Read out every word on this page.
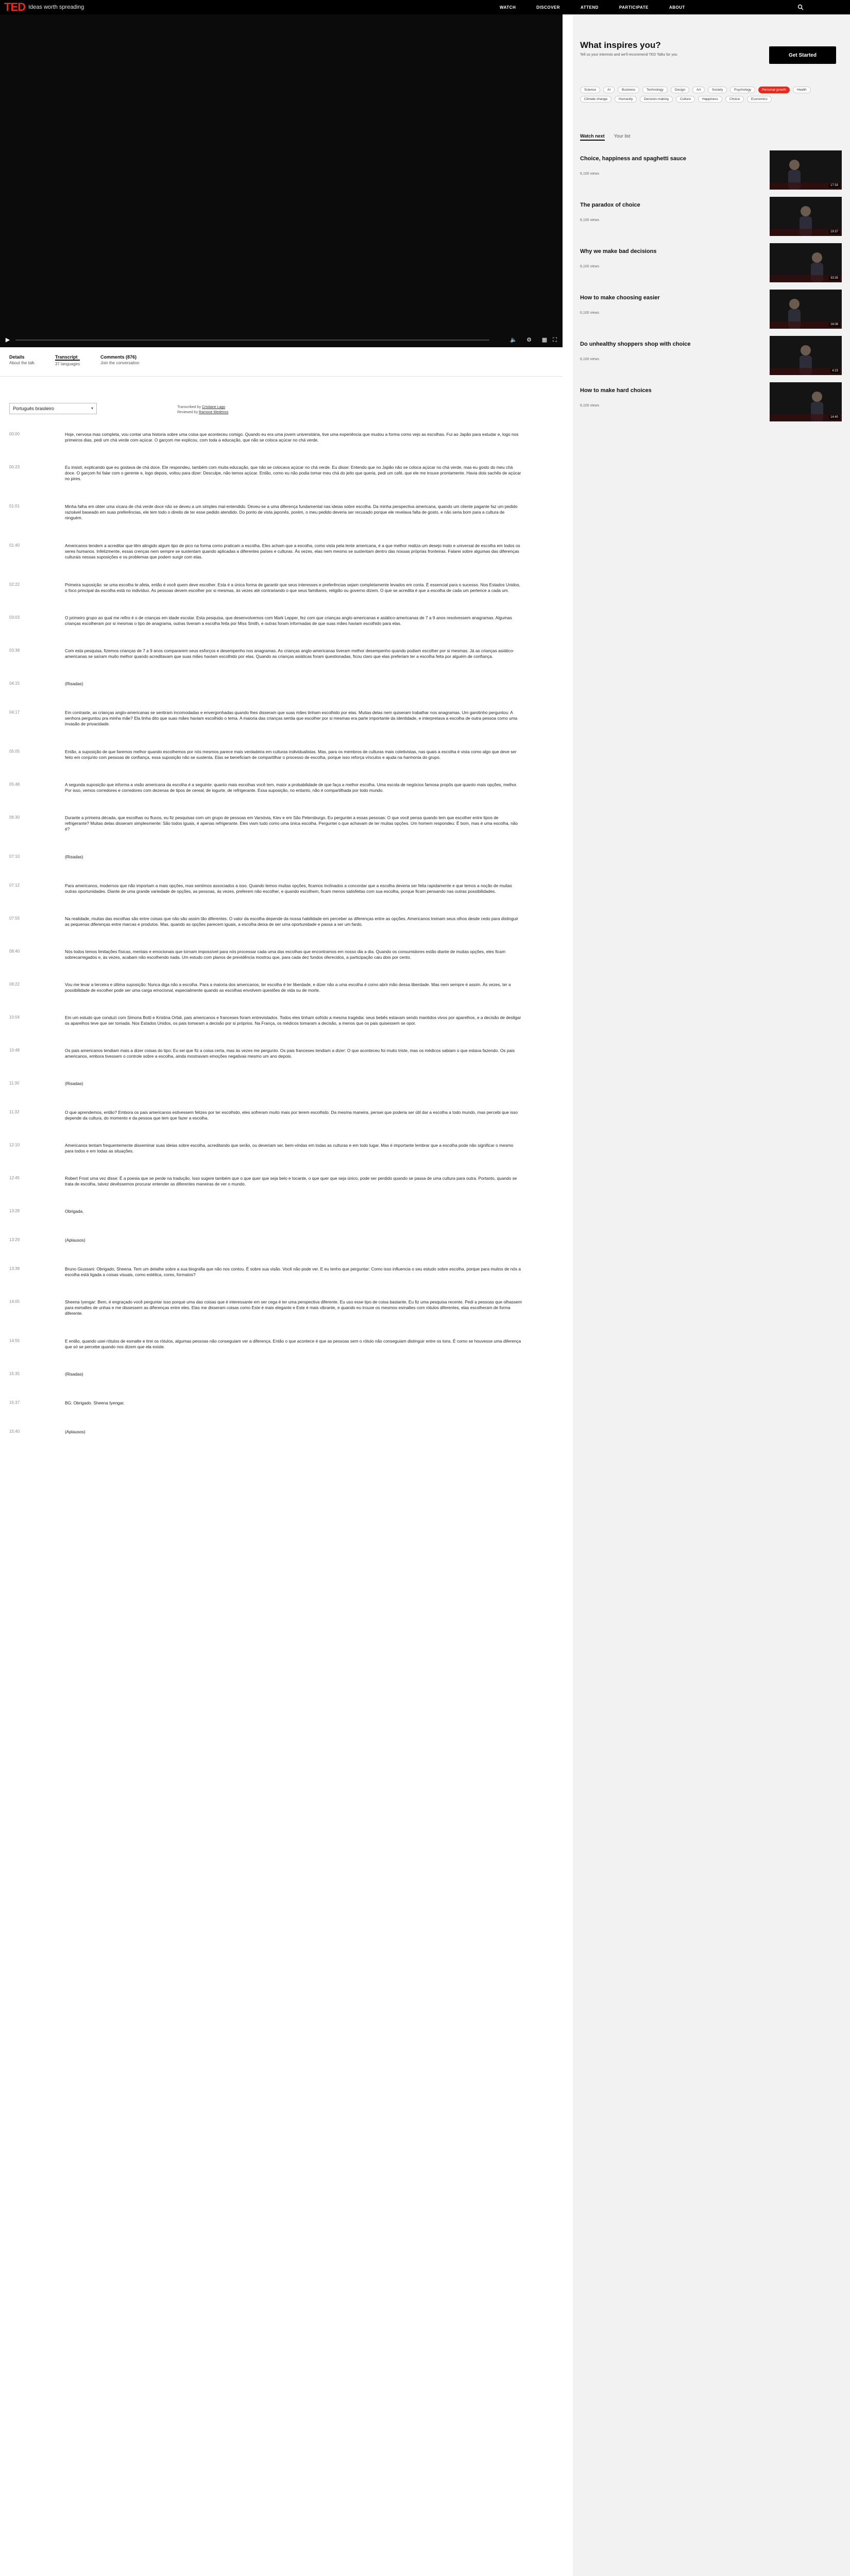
TED Ideas worth spreading	WATCH	DISCOVER	ATTEND	PARTICIPATE	ABOUT
▶	🔈 ⚙ ▦ ⛶
What inspires you?
Tell us your interests and we'll recommend TED Talks for you	Get Started
Science	AI	Business	Technology	Design	Art	Society	Psychology	Personal growth	Health
Climate change	Humanity	Decision-making	Culture	Happiness	Choice	Economics
Watch next Your list
Choice, happiness and spaghetti sauce
6,100 views
17:33
The paradox of choice
6,100 views
19:37
Why we make bad decisions
6,100 views
33:35
How to make choosing easier
6,100 views
16:08
Do unhealthy shoppers shop with choice
6,100 views
4:23
How to make hard choices
6,100 views
14:40
Details
About the talk
Transcript
37 languages
Comments (876)
Join the conversation
Português brasileiro	▾	Transcribed by Cristiane Lago
Reviewed by Ramone Medeiros
00:00	Hoje, nervosa mas completa, vou contar uma historia sobre uma coisa que aconteceu comigo. Quando eu era uma jovem universitária, tive uma experiência que mudou a forma como vejo as escolhas. Fui ao Japão para estudar e, logo nos primeiros dias, pedi um chá verde com açúcar. O garçom me explicou, com toda a educação, que não se coloca açúcar no chá verde.
00:23	Eu insisti, explicando que eu gostava de chá doce. Ele respondeu, também com muita educação, que não se colocava açúcar no chá verde. Eu disse: Entendo que no Japão não se coloca açúcar no chá verde, mas eu gosto do meu chá doce. O garçom foi falar com o gerente e, logo depois, voltou para dizer: Desculpe, não temos açúcar. Então, como eu não podia tomar meu chá do jeito que queria, pedi um café, que ele me trouxe prontamente. Havia dois sachês de açúcar no pires.
01:01	Minha falha em obter uma xícara de chá verde doce não se deveu a um simples mal-entendido. Deveu-se a uma diferença fundamental nas ideias sobre escolha. Da minha perspectiva americana, quando um cliente pagante faz um pedido razoável baseado em suas preferências, ele tem todo o direito de ter esse pedido atendido. Do ponto de vista japonês, porém, o meu pedido deveria ser recusado porque ele revelava falta de gosto, e não seria bom para a cultura de ninguém.
01:40	Americanos tendem a acreditar que têm atingido algum tipo de pico na forma como praticam a escolha. Eles acham que a escolha, como vista pela lente americana, é a que melhor realiza um desejo inato e universal de escolha em todos os seres humanos. Infelizmente, essas crenças nem sempre se sustentam quando aplicadas a diferentes países e culturas. Às vezes, elas nem mesmo se sustentam dentro das nossas próprias fronteiras. Falarei sobre algumas das diferenças culturais nessas suposições e os problemas que podem surgir com elas.
02:22	Primeira suposição: se uma escolha te afeta, então é você quem deve escolher. Esta é a única forma de garantir que seus interesses e preferências sejam completamente levados em conta. É essencial para o sucesso. Nos Estados Unidos, o foco principal da escolha está no indivíduo. As pessoas devem escolher por si mesmas, às vezes até contrariando o que seus familiares, religião ou governo dizem. O que se acredita é que a escolha de cada um pertence a cada um.
03:03	O primeiro grupo ao qual me refiro é o de crianças em idade escolar. Esta pesquisa, que desenvolvemos com Mark Lepper, fez com que crianças anglo-americanas e asiático-americanas de 7 a 9 anos resolvessem anagramas. Algumas crianças escolheram por si mesmas o tipo de anagrama, outras tiveram a escolha feita por Miss Smith, e outras foram informadas de que suas mães haviam escolhido para elas.
03:38	Com esta pesquisa, fizemos crianças de 7 a 9 anos compararem seus esforços e desempenho nos anagramas. As crianças anglo-americanas tiveram melhor desempenho quando podiam escolher por si mesmas. Já as crianças asiático-americanas se saíram muito melhor quando acreditavam que suas mães haviam escolhido por elas. Quando as crianças asiáticas foram questionadas, ficou claro que elas preferiam ter a escolha feita por alguém de confiança.
04:15	(Risadas)
04:17	Em contraste, as crianças anglo-americanas se sentiram incomodadas e envergonhadas quando lhes disseram que suas mães tinham escolhido por elas. Muitas delas nem quiseram trabalhar nos anagramas. Um garotinho perguntou: A senhora perguntou pra minha mãe? Ela tinha dito que suas mães haviam escolhido o tema. A maioria das crianças sentia que escolher por si mesmas era parte importante da identidade, e interpretava a escolha de outra pessoa como uma invasão de privacidade.
05:05	Então, a suposição de que faremos melhor quando escolhemos por nós mesmos parece mais verdadeira em culturas individualistas. Mas, para os membros de culturas mais coletivistas, nas quais a escolha é vista como algo que deve ser feito em conjunto com pessoas de confiança, essa suposição não se sustenta. Elas se beneficiam de compartilhar o processo de escolha, porque isso reforça vínculos e ajuda na harmonia do grupo.
05:48	A segunda suposição que informa a visão americana da escolha é a seguinte: quanto mais escolhas você tem, maior a probabilidade de que faça a melhor escolha. Uma escola de negócios famosa propôs que quanto mais opções, melhor. Por isso, vemos corredores e corredores com dezenas de tipos de cereal, de iogurte, de refrigerante. Essa suposição, no entanto, não é compartilhada por todo mundo.
06:30	Durante a primeira década, que escolhas ou fluxos, eu fiz pesquisas com um grupo de pessoas em Varsóvia, Kiev e em São Petersburgo. Eu perguntei a essas pessoas: O que você pensa quando tem que escolher entre tipos de refrigerante? Muitas delas disseram simplesmente: São todos iguais, é apenas refrigerante. Eles viam tudo como uma única escolha. Perguntei o que achavam de ter muitas opções. Um homem respondeu: É bom, mas é uma escolha, não é?
07:10	(Risadas)
07:12	Para americanos, modernos que não importam a mais opções, mas sentimos associados a isso. Quando temos muitas opções, ficamos inclinados a concordar que a escolha deveria ser feita rapidamente e que temos a noção de muitas outras oportunidades. Diante de uma grande variedade de opções, as pessoas, às vezes, preferem não escolher, e quando escolhem, ficam menos satisfeitas com sua escolha, porque ficam pensando nas outras possibilidades.
07:55	Na realidade, muitas das escolhas são entre coisas que não são assim tão diferentes. O valor da escolha depende da nossa habilidade em perceber as diferenças entre as opções. Americanos treinam seus olhos desde cedo para distinguir as pequenas diferenças entre marcas e produtos. Mas, quando as opções parecem iguais, a escolha deixa de ser uma oportunidade e passa a ser um fardo.
08:40	Nós todos temos limitações físicas, mentais e emocionais que tornam impossível para nós processar cada uma das escolhas que encontramos em nosso dia a dia. Quando os consumidores estão diante de muitas opções, eles ficam sobrecarregados e, às vezes, acabam não escolhendo nada. Um estudo com planos de previdência mostrou que, para cada dez fundos oferecidos, a participação caiu dois por cento.
09:22	Vou me levar a terceira e última suposição: Nunca diga não a escolha. Para a maioria dos americanos, ter escolha é ter liberdade, e dizer não a uma escolha é como abrir mão dessa liberdade. Mas nem sempre é assim. Às vezes, ter a possibilidade de escolher pode ser uma carga emocional, especialmente quando as escolhas envolvem questões de vida ou de morte.
10:04	Em um estudo que conduzi com Simona Botti e Kristina Orfali, pais americanos e franceses foram entrevistados. Todos eles tinham sofrido a mesma tragédia: seus bebês estavam sendo mantidos vivos por aparelhos, e a decisão de desligar os aparelhos teve que ser tomada. Nos Estados Unidos, os pais tomaram a decisão por si próprios. Na França, os médicos tomaram a decisão, a menos que os pais quisessem se opor.
10:48	Os pais americanos tendiam mais a dizer coisas do tipo: Eu sei que fiz a coisa certa, mas às vezes me pergunto. Os pais franceses tendiam a dizer: O que aconteceu foi muito triste, mas os médicos sabiam o que estava fazendo. Os pais americanos, embora tivessem o controle sobre a escolha, ainda mostravam emoções negativas mesmo um ano depois.
11:30	(Risadas)
11:32	O que aprendemos, então? Embora os pais americanos estivessem felizes por ter escolhido, eles sofreram muito mais por terem escolhido. Da mesma maneira, pensei que poderia ser útil dar a escolha a todo mundo, mas percebi que isso depende da cultura, do momento e da pessoa que tem que fazer a escolha.
12:10	Americanos tentam frequentemente disseminar suas ideias sobre escolha, acreditando que serão, ou deveriam ser, bem-vindas em todas as culturas e em todo lugar. Mas é importante lembrar que a escolha pode não significar o mesmo para todos e em todas as situações.
12:45	Robert Frost uma vez disse: É a poesia que se perde na tradução. Isso sugere também que o que quer que seja belo e tocante, o que quer que seja único, pode ser perdido quando se passa de uma cultura para outra. Portanto, quando se trata de escolha, talvez devêssemos procurar entender as diferentes maneiras de ver o mundo.
13:28	Obrigada.
13:29	(Aplausos)
13:38	Bruno Giussani: Obrigado, Sheena. Tem um detalhe sobre a sua biografia que não nos contou. É sobre sua visão. Você não pode ver. E eu tenho que perguntar: Como isso influencia o seu estudo sobre escolha, porque para muitos de nós a escolha está ligada a coisas visuais, como estética, cores, formatos?
14:05	Sheena Iyengar: Bem, é engraçado você perguntar isso porque uma das coisas que é interessante em ser cega é ter uma perspectiva diferente. Eu uso esse tipo de coisa bastante. Eu fiz uma pesquisa recente. Pedi a pessoas que olhassem para esmaltes de unhas e me dissessem as diferenças entre eles. Elas me disseram coisas como Este é mais elegante e Este é mais vibrante, e quando eu trouxe os mesmos esmaltes com rótulos diferentes, elas escolheram de forma diferente.
14:55	E então, quando usei rótulos de esmalte e tirei os rótulos, algumas pessoas não conseguiam ver a diferença. Então o que acontece é que as pessoas sem o rótulo não conseguiam distinguir entre os tons. É como se houvesse uma diferença que só se percebe quando nos dizem que ela existe.
15:35	(Risadas)
15:37	BG: Obrigado. Sheena Iyengar.
15:40	(Aplausos)
